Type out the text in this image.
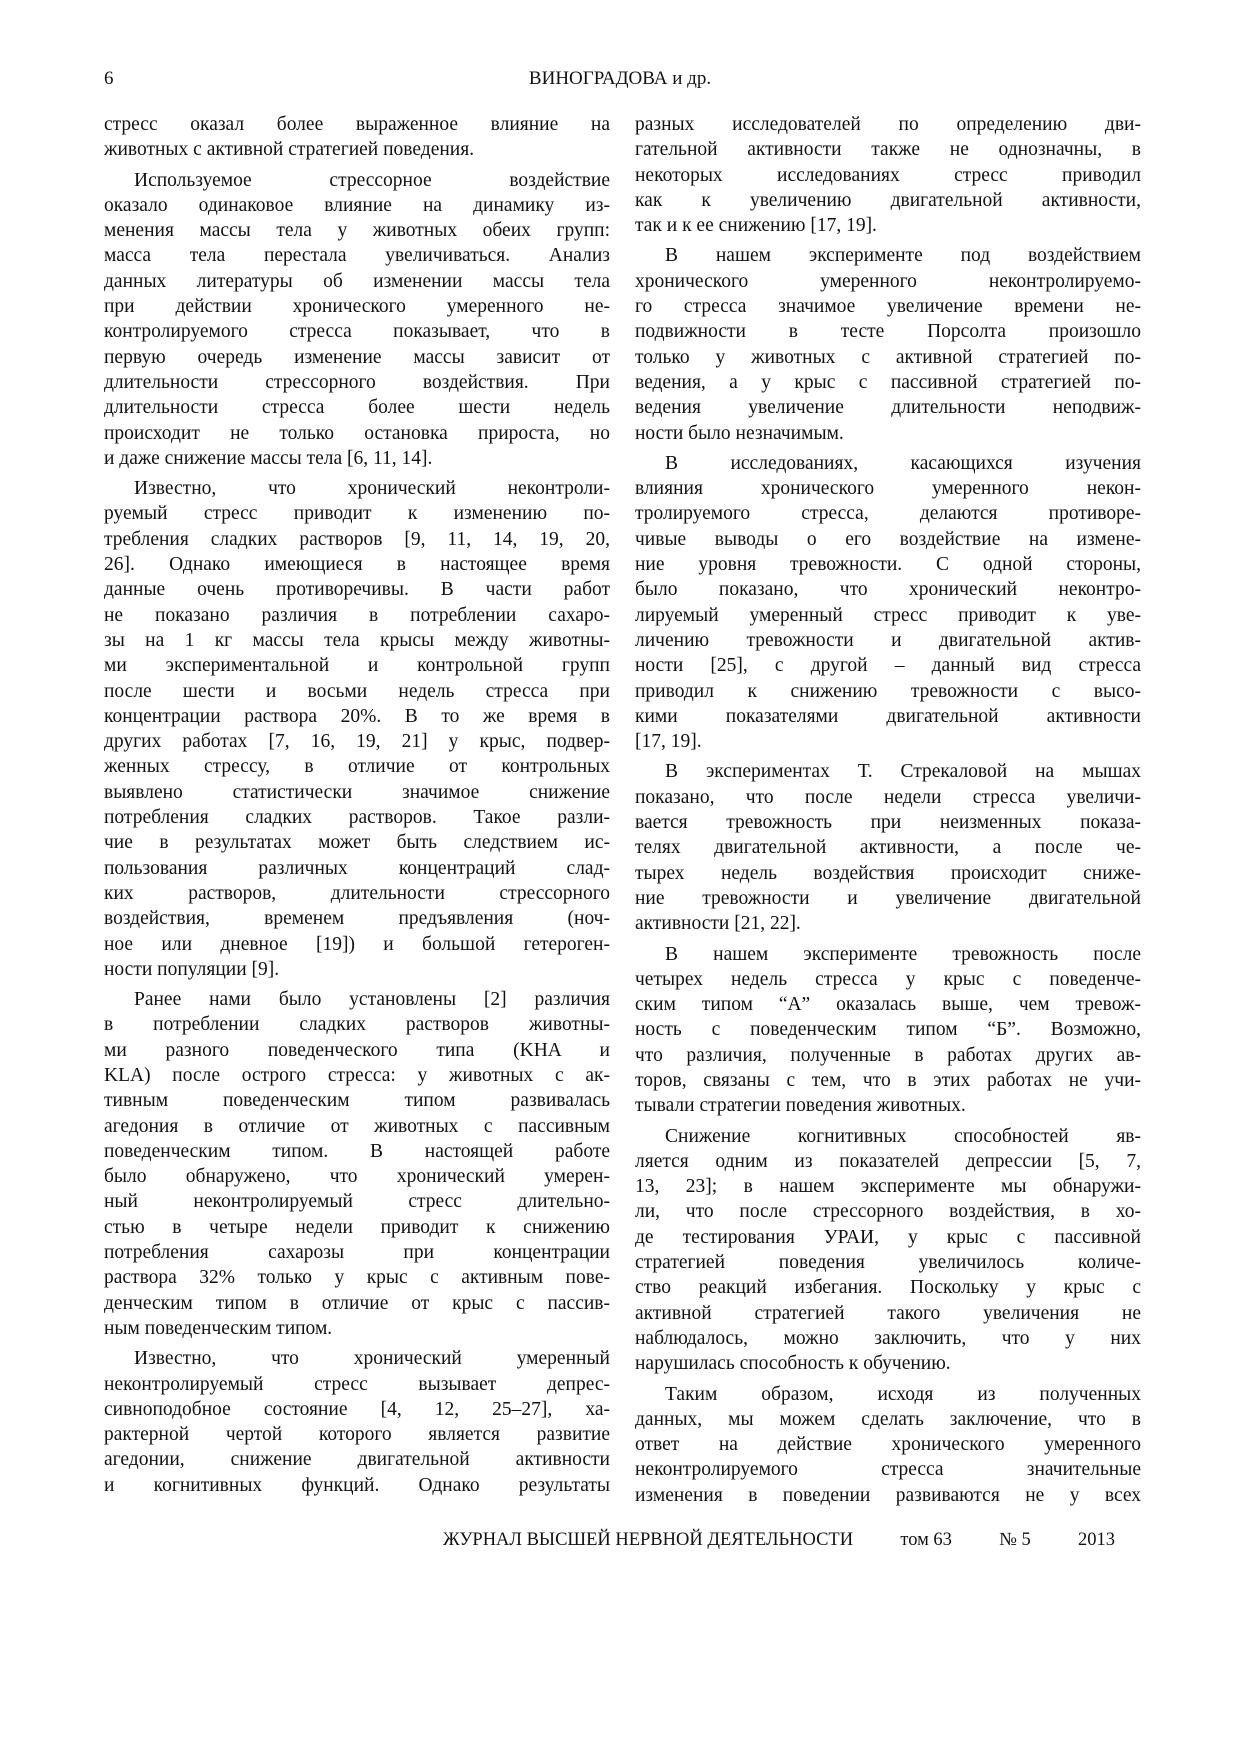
6	ВИНОГРАДОВА и др.
стресс оказал более выраженное влияние на
животных с активной стратегией поведения.
Используемое стрессорное воздействие
оказало одинаковое влияние на динамику из-
менения массы тела у животных обеих групп:
масса тела перестала увеличиваться. Анализ
данных литературы об изменении массы тела
при действии хронического умеренного не-
контролируемого стресса показывает, что в
первую очередь изменение массы зависит от
длительности стрессорного воздействия. При
длительности стресса более шести недель
происходит не только остановка прироста, но
и даже снижение массы тела [6, 11, 14].
Известно, что хронический неконтроли-
руемый стресс приводит к изменению по-
требления сладких растворов [9, 11, 14, 19, 20,
26]. Однако имеющиеся в настоящее время
данные очень противоречивы. В части работ
не показано различия в потреблении сахаро-
зы на 1 кг массы тела крысы между животны-
ми экспериментальной и контрольной групп
после шести и восьми недель стресса при
концентрации раствора 20%. В то же время в
других работах [7, 16, 19, 21] у крыс, подвер-
женных стрессу, в отличие от контрольных
выявлено статистически значимое снижение
потребления сладких растворов. Такое разли-
чие в результатах может быть следствием ис-
пользования различных концентраций слад-
ких растворов, длительности стрессорного
воздействия, временем предъявления (ноч-
ное или дневное [19]) и большой гетероген-
ности популяции [9].
Ранее нами было установлены [2] различия
в потреблении сладких растворов животны-
ми разного поведенческого типа (KHA и
KLA) после острого стресса: у животных с ак-
тивным поведенческим типом развивалась
агедония в отличие от животных с пассивным
поведенческим типом. В настоящей работе
было обнаружено, что хронический умерен-
ный неконтролируемый стресс длительно-
стью в четыре недели приводит к снижению
потребления сахарозы при концентрации
раствора 32% только у крыс с активным пове-
денческим типом в отличие от крыс с пассив-
ным поведенческим типом.
Известно, что хронический умеренный
неконтролируемый стресс вызывает депрес-
сивноподобное состояние [4, 12, 25–27], ха-
рактерной чертой которого является развитие
агедонии, снижение двигательной активности
и когнитивных функций. Однако результаты
разных исследователей по определению дви-
гательной активности также не однозначны, в
некоторых исследованиях стресс приводил
как к увеличению двигательной активности,
так и к ее снижению [17, 19].
В нашем эксперименте под воздействием
хронического умеренного неконтролируемо-
го стресса значимое увеличение времени не-
подвижности в тесте Порсолта произошло
только у животных с активной стратегией по-
ведения, а у крыс с пассивной стратегией по-
ведения увеличение длительности неподвиж-
ности было незначимым.
В исследованиях, касающихся изучения
влияния хронического умеренного некон-
тролируемого стресса, делаются противоре-
чивые выводы о его воздействие на измене-
ние уровня тревожности. С одной стороны,
было показано, что хронический неконтро-
лируемый умеренный стресс приводит к уве-
личению тревожности и двигательной актив-
ности [25], с другой – данный вид стресса
приводил к снижению тревожности с высо-
кими показателями двигательной активности
[17, 19].
В экспериментах Т. Стрекаловой на мышах
показано, что после недели стресса увеличи-
вается тревожность при неизменных показа-
телях двигательной активности, а после че-
тырех недель воздействия происходит сниже-
ние тревожности и увеличение двигательной
активности [21, 22].
В нашем эксперименте тревожность после
четырех недель стресса у крыс с поведенче-
ским типом “А” оказалась выше, чем тревож-
ность с поведенческим типом “Б”. Возможно,
что различия, полученные в работах других ав-
торов, связаны с тем, что в этих работах не учи-
тывали стратегии поведения животных.
Снижение когнитивных способностей яв-
ляется одним из показателей депрессии [5, 7,
13, 23]; в нашем эксперименте мы обнаружи-
ли, что после стрессорного воздействия, в хо-
де тестирования УРАИ, у крыс с пассивной
стратегией поведения увеличилось количе-
ство реакций избегания. Поскольку у крыс с
активной стратегией такого увеличения не
наблюдалось, можно заключить, что у них
нарушилась способность к обучению.
Таким образом, исходя из полученных
данных, мы можем сделать заключение, что в
ответ на действие хронического умеренного
неконтролируемого стресса значительные
изменения в поведении развиваются не у всех
ЖУРНАЛ ВЫСШЕЙ НЕРВНОЙ ДЕЯТЕЛЬНОСТИ	том 63	№ 5	2013
